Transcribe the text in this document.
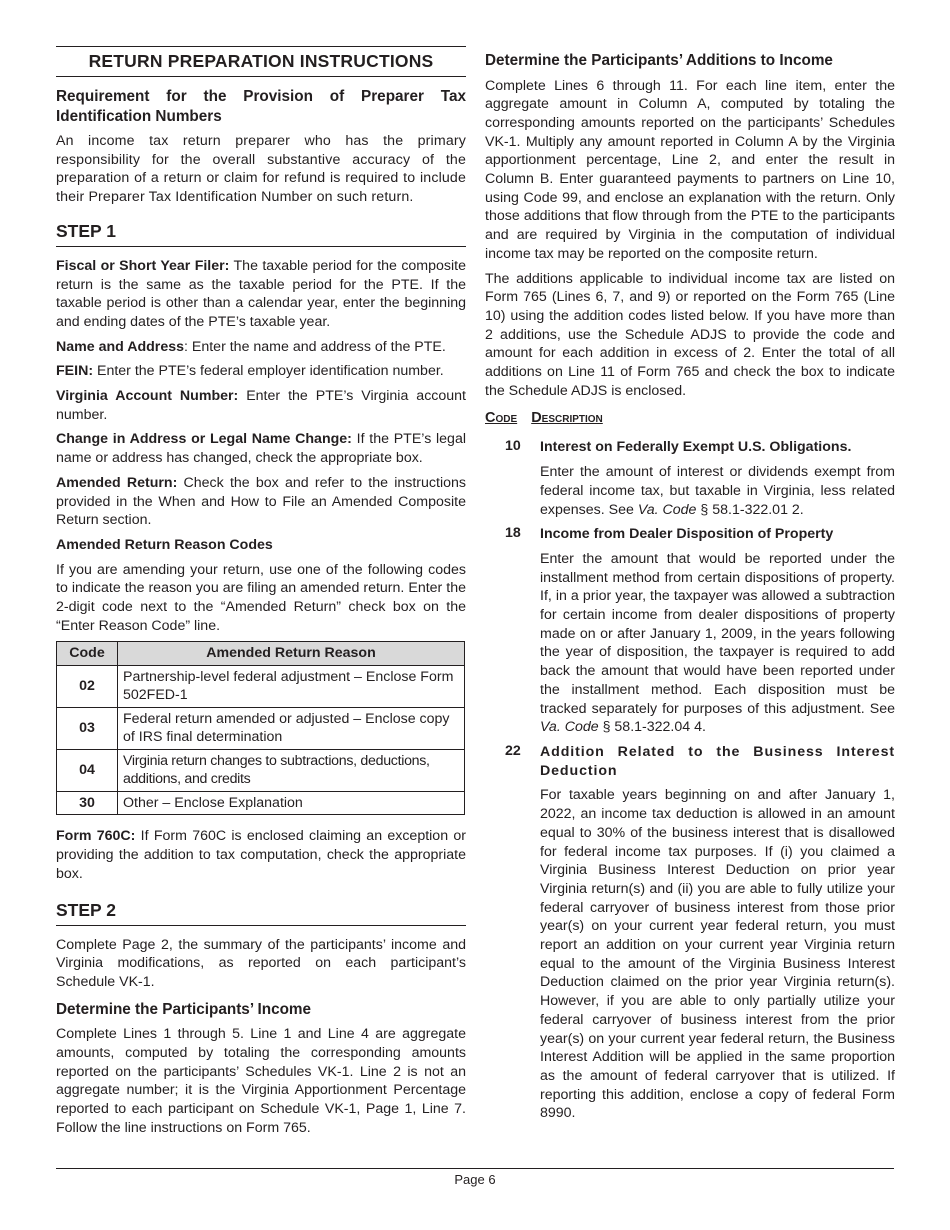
RETURN PREPARATION INSTRUCTIONS
Requirement for the Provision of Preparer Tax Identification Numbers

An income tax return preparer who has the primary responsibility for the overall substantive accuracy of the preparation of a return or claim for refund is required to include their Preparer Tax Identification Number on such return.

STEP 1

Fiscal or Short Year Filer: The taxable period for the composite return is the same as the taxable period for the PTE. If the taxable period is other than a calendar year, enter the beginning and ending dates of the PTE’s taxable year.

Name and Address: Enter the name and address of the PTE.

FEIN: Enter the PTE’s federal employer identification number.

Virginia Account Number: Enter the PTE’s Virginia account number.

Change in Address or Legal Name Change: If the PTE’s legal name or address has changed, check the appropriate box.

Amended Return: Check the box and refer to the instructions provided in the When and How to File an Amended Composite Return section.

Amended Return Reason Codes

If you are amending your return, use one of the following codes to indicate the reason you are filing an amended return. Enter the 2-digit code next to the “Amended Return” check box on the “Enter Reason Code” line.

Code	Amended Return Reason
02	Partnership-level federal adjustment – Enclose Form 502FED-1
03	Federal return amended or adjusted – Enclose copy of IRS final determination
04	Virginia return changes to subtractions, deductions, additions, and credits
30	Other – Enclose Explanation

Form 760C: If Form 760C is enclosed claiming an exception or providing the addition to tax computation, check the appropriate box.

STEP 2

Complete Page 2, the summary of the participants’ income and Virginia modifications, as reported on each participant’s Schedule VK-1.

Determine the Participants’ Income

Complete Lines 1 through 5. Line 1 and Line 4 are aggregate amounts, computed by totaling the corresponding amounts reported on the participants’ Schedules VK-1. Line 2 is not an aggregate number; it is the Virginia Apportionment Percentage reported to each participant on Schedule VK-1, Page 1, Line 7. Follow the line instructions on Form 765.

Determine the Participants’ Additions to Income

Complete Lines 6 through 11. For each line item, enter the aggregate amount in Column A, computed by totaling the corresponding amounts reported on the participants’ Schedules VK-1. Multiply any amount reported in Column A by the Virginia apportionment percentage, Line 2, and enter the result in Column B. Enter guaranteed payments to partners on Line 10, using Code 99, and enclose an explanation with the return. Only those additions that flow through from the PTE to the participants and are required by Virginia in the computation of individual income tax may be reported on the composite return.

The additions applicable to individual income tax are listed on Form 765 (Lines 6, 7, and 9) or reported on the Form 765 (Line 10) using the addition codes listed below. If you have more than 2 additions, use the Schedule ADJS to provide the code and amount for each addition in excess of 2. Enter the total of all additions on Line 11 of Form 765 and check the box to indicate the Schedule ADJS is enclosed.

Code Description
10	Interest on Federally Exempt U.S. Obligations.

Enter the amount of interest or dividends exempt from federal income tax, but taxable in Virginia, less related expenses. See Va. Code § 58.1-322.01 2.

18	Income from Dealer Disposition of Property

Enter the amount that would be reported under the installment method from certain dispositions of property. If, in a prior year, the taxpayer was allowed a subtraction for certain income from dealer dispositions of property made on or after January 1, 2009, in the years following the year of disposition, the taxpayer is required to add back the amount that would have been reported under the installment method. Each disposition must be tracked separately for purposes of this adjustment. See Va. Code § 58.1-322.04 4.

22	Addition Related to the Business Interest Deduction

For taxable years beginning on and after January 1, 2022, an income tax deduction is allowed in an amount equal to 30% of the business interest that is disallowed for federal income tax purposes. If (i) you claimed a Virginia Business Interest Deduction on prior year Virginia return(s) and (ii) you are able to fully utilize your federal carryover of business interest from those prior year(s) on your current year federal return, you must report an addition on your current year Virginia return equal to the amount of the Virginia Business Interest Deduction claimed on the prior year Virginia return(s). However, if you are able to only partially utilize your federal carryover of business interest from the prior year(s) on your current year federal return, the Business Interest Addition will be applied in the same proportion as the amount of federal carryover that is utilized. If reporting this addition, enclose a copy of federal Form 8990.

Page 6
